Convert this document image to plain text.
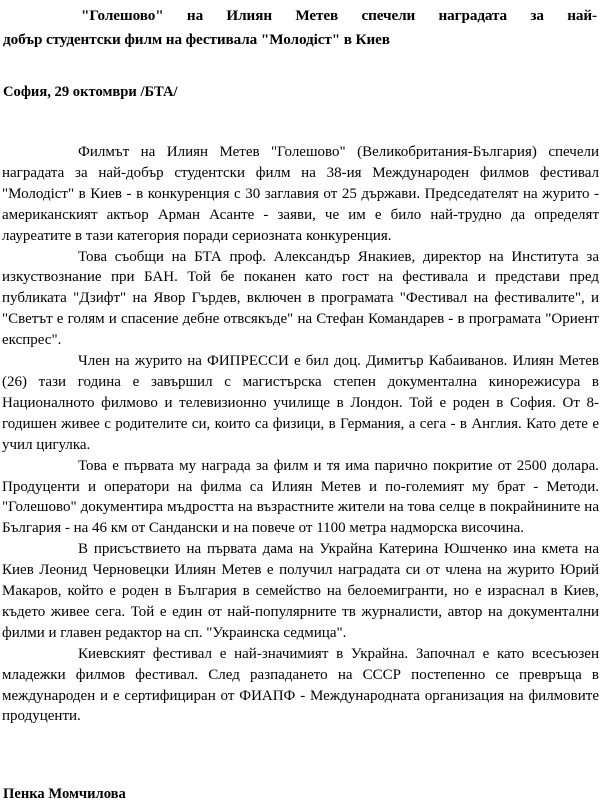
"Голешово" на Илиян Метев спечели наградата за най-
добър студентски филм на фестивала "Молодіст" в Киев

София, 29 октомври /БТА/

Филмът на Илиян Метев "Голешово" (Великобритания-България) спечели наградата за най-добър студентски филм на 38-ия Международен филмов фестивал "Молодіст" в Киев - в конкуренция с 30 заглавия от 25 държави. Председателят на журито - американският актьор Арман Асанте - заяви, че им е било най-трудно да определят лауреатите в тази категория поради сериозната конкуренция.

Това съобщи на БТА проф. Александър Янакиев, директор на Института за изкуствознание при БАН. Той бе поканен като гост на фестивала и представи пред публиката "Дзифт" на Явор Гърдев, включен в програмата "Фестивал на фестивалите", и "Светът е голям и спасение дебне отвсякъде" на Стефан Командарев - в програмата "Ориент експрес".

Член на журито на ФИПРЕССИ е бил доц. Димитър Кабаиванов. Илиян Метев (26) тази година е завършил с магистърска степен документална кинорежисура в Националното филмово и телевизионно училище в Лондон. Той е роден в София. От 8-годишен живее с родителите си, които са физици, в Германия, а сега - в Англия. Като дете е учил цигулка.

Това е първата му награда за филм и тя има парично покритие от 2500 долара. Продуценти и оператори на филма са Илиян Метев и по-големият му брат - Методи. "Голешово" документира мъдростта на възрастните жители на това селце в покрайнините на България - на 46 км от Сандански и на повече от 1100 метра надморска височина.

В присъствието на първата дама на Украйна Катерина Юшченко ина кмета на Киев Леонид Черновецки Илиян Метев е получил наградата си от члена на журито Юрий Макаров, който е роден в България в семейство на белоемигранти, но е израснал в Киев, където живее сега. Той е един от най-популярните тв журналисти, автор на документални филми и главен редактор на сп. "Украинска седмица".

Киевският фестивал е най-значимият в Украйна. Започнал е като всесъюзен младежки филмов фестивал. След разпадането на СССР постепенно се превръща в международен и е сертифициран от ФИАПФ - Международната организация на филмовите продуценти.

Пенка Момчилова
